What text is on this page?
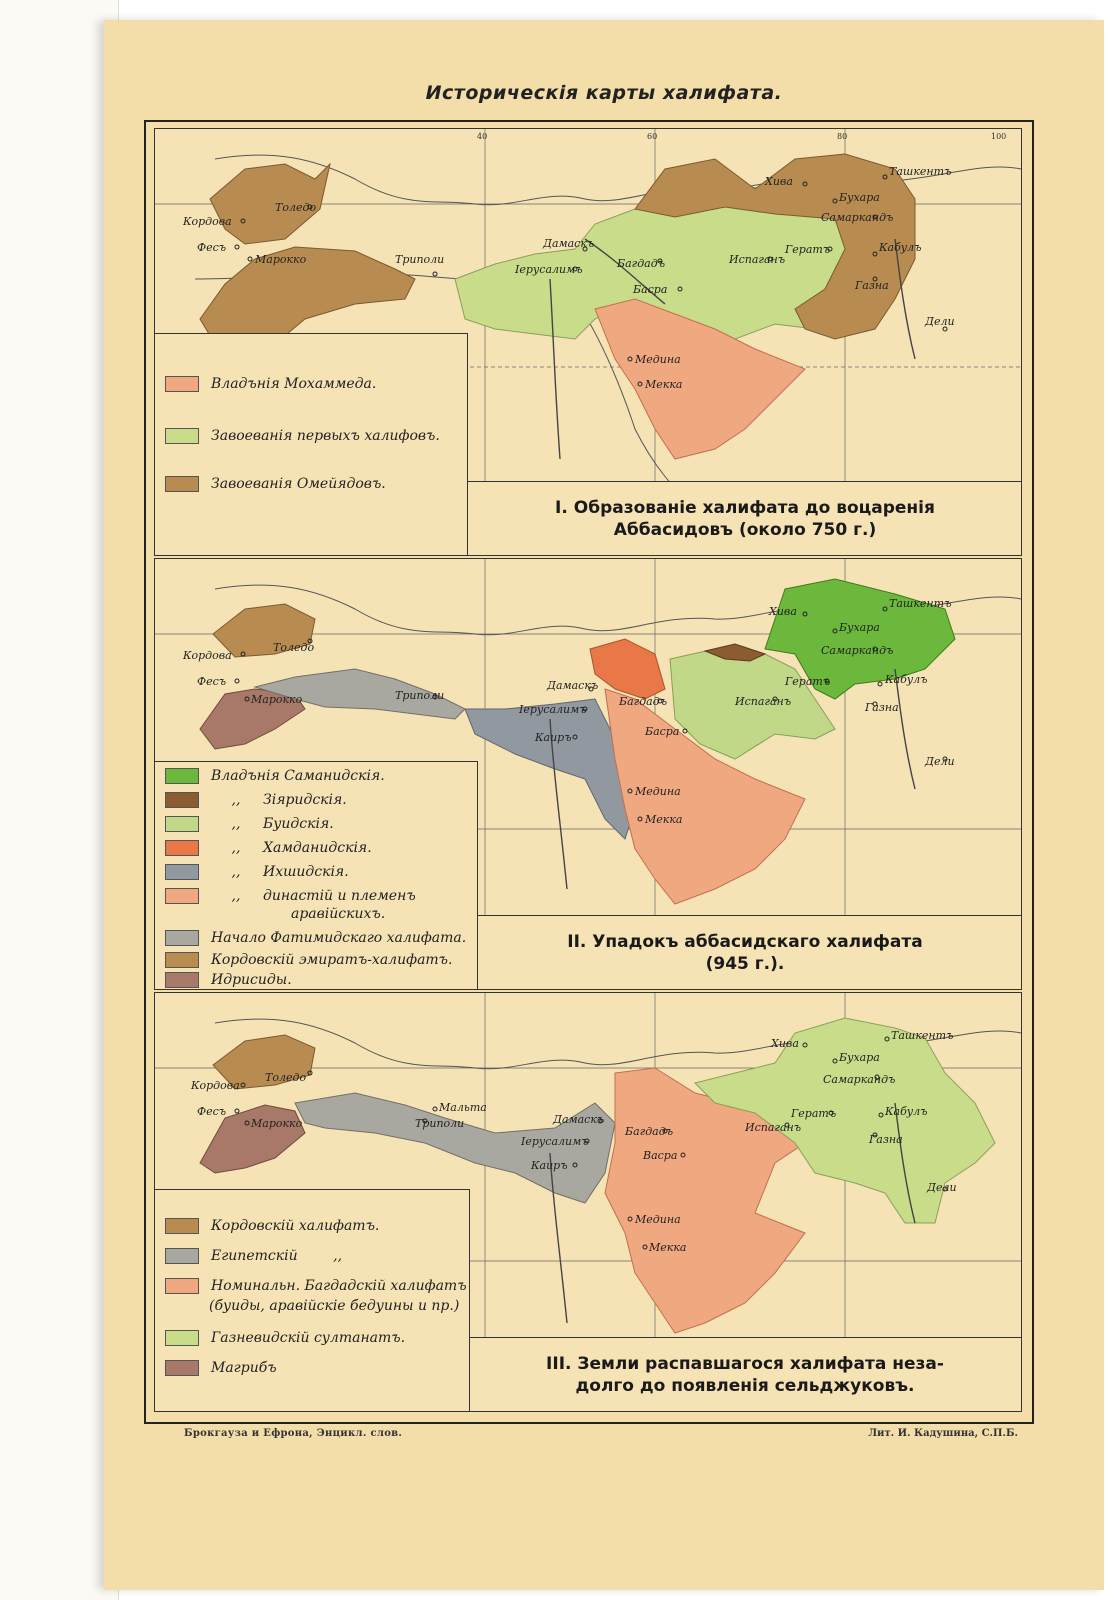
Историческія карты халифата.
40	60	80	100
Толедо
Кордова
Фесъ
Марокко	Триполи
Дамаскъ
Іерусалимъ	Багдадъ
Басра
Испаганъ
Гератъ
Хива
Бухара
Самаркандъ
Ташкентъ
Кабулъ
Газна
Дели
Медина
Мекка
Владънія Мохаммеда.
Завоеванія первыхъ халифовъ.
Завоеванія Омейядовъ.
I. Образованіе халифата до воцаренія
Аббасидовъ (около 750 г.)
Толедо
Кордова
Фесъ
Марокко	Триполи
Каиръ
Дамаскъ
Іерусалимъ
Багдадъ
Басра
Испаганъ
Гератъ
Хива
Бухара
Самаркандъ
Ташкентъ
Кабулъ
Газна
Дели
Медина
Мекка
Владънія Саманидскія.
,,	Зіяридскія.
,,	Буидскія.
,,	Хамданидскія.
,,	Ихшидскія.
,,	династій и племенъ
аравійскихъ.
Начало Фатимидскаго халифата.
Кордовскій эмиратъ-халифатъ.
Идрисиды.
II. Упадокъ аббасидскаго халифата
(945 г.).
Толедо
Кордова
Фесъ
Марокко
Мальта
Триполи
Каиръ
Дамаскъ
Іерусалимъ
Багдадъ
Васра
Испаганъ
Гератъ
Хива
Бухара
Самаркандъ
Ташкентъ
Кабулъ
Газна
Дели
Медина
Мекка
Кордовскій халифатъ.
Египетскій        ,,
Номинальн. Багдадскій халифатъ
(буиды, аравійскіе бедуины и пр.)
Газневидскій султанатъ.
Магрибъ	III. Земли распавшагося халифата неза-
долго до появленія сельджуковъ.
Брокгауза и Ефрона, Энцикл. слов.	Лит. И. Кадушина, С.П.Б.
